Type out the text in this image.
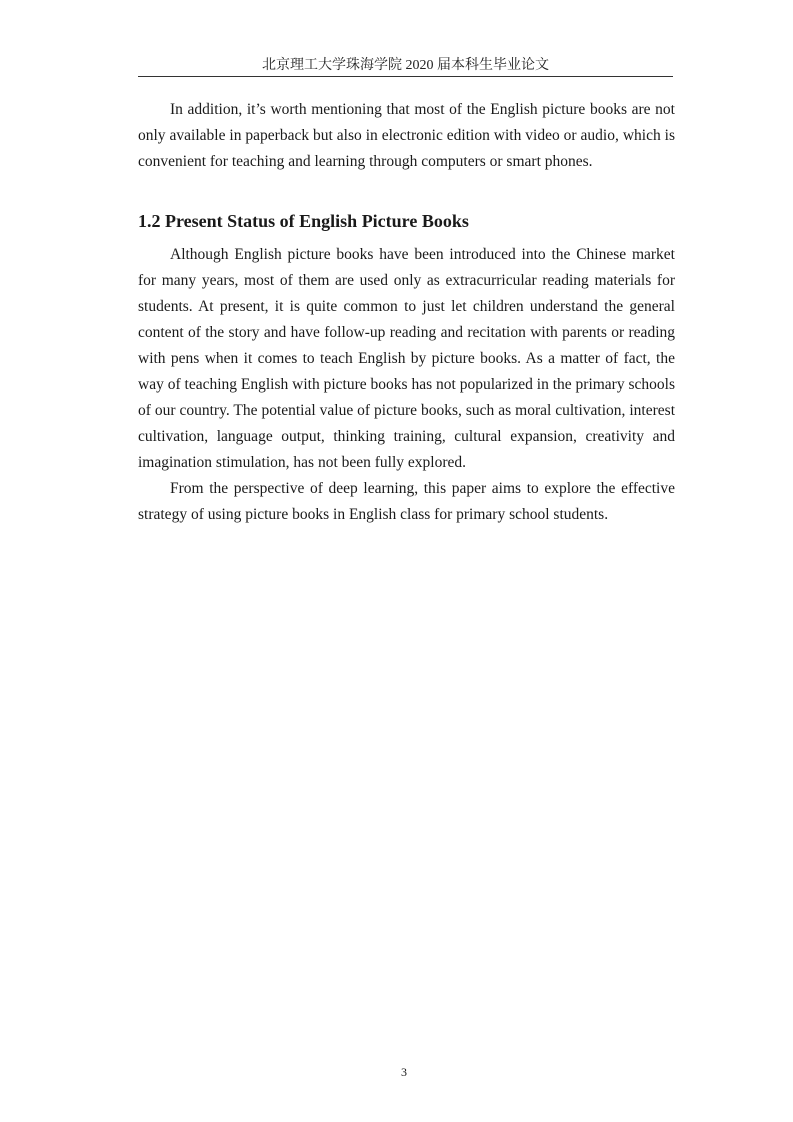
北京理工大学珠海学院 2020 届本科生毕业论文

In addition, it’s worth mentioning that most of the English picture books are not only available in paperback but also in electronic edition with video or audio, which is convenient for teaching and learning through computers or smart phones.

1.2 Present Status of English Picture Books

Although English picture books have been introduced into the Chinese market for many years, most of them are used only as extracurricular reading materials for students. At present, it is quite common to just let children understand the general content of the story and have follow-up reading and recitation with parents or reading with pens when it comes to teach English by picture books. As a matter of fact, the way of teaching English with picture books has not popularized in the primary schools of our country. The potential value of picture books, such as moral cultivation, interest cultivation, language output, thinking training, cultural expansion, creativity and imagination stimulation, has not been fully explored.

From the perspective of deep learning, this paper aims to explore the effective strategy of using picture books in English class for primary school students.

3
